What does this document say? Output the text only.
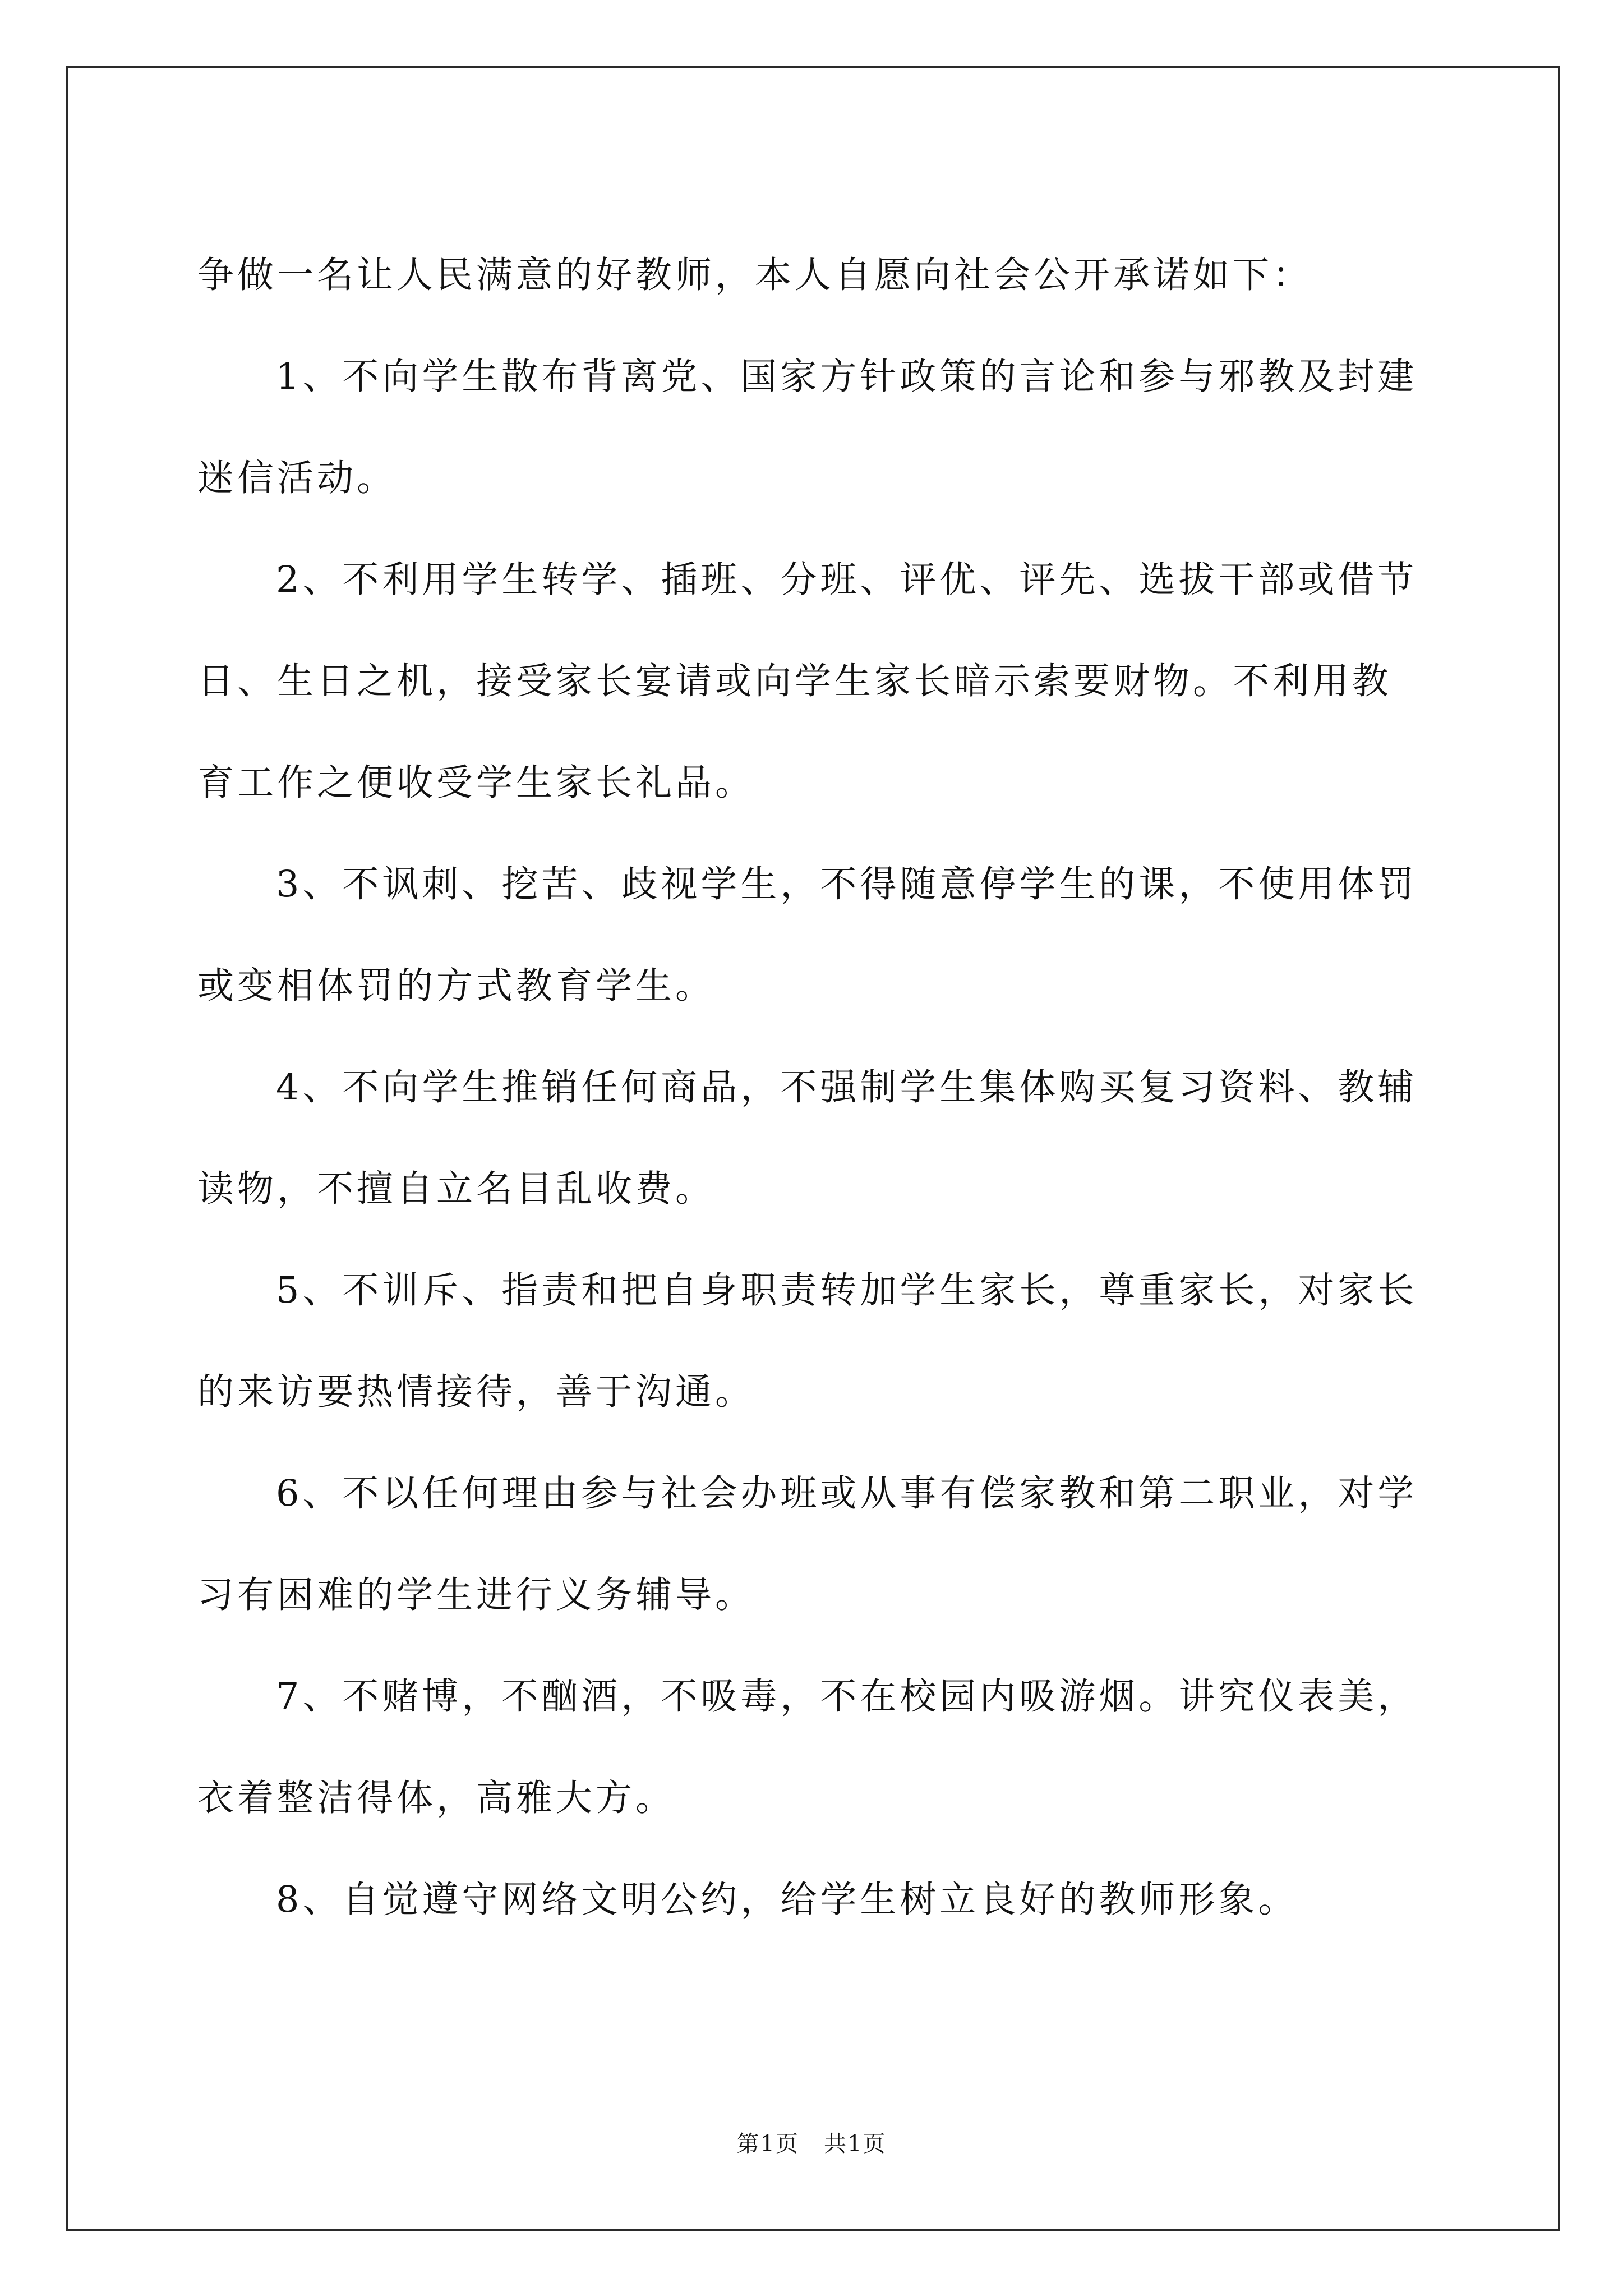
争做一名让人民满意的好教师，本人自愿向社会公开承诺如下：

1、不向学生散布背离党、国家方针政策的言论和参与邪教及封建

迷信活动。

2、不利用学生转学、插班、分班、评优、评先、选拔干部或借节

日、生日之机，接受家长宴请或向学生家长暗示索要财物。不利用教

育工作之便收受学生家长礼品。

3、不讽刺、挖苦、歧视学生，不得随意停学生的课，不使用体罚

或变相体罚的方式教育学生。

4、不向学生推销任何商品，不强制学生集体购买复习资料、教辅

读物，不擅自立名目乱收费。

5、不训斥、指责和把自身职责转加学生家长，尊重家长，对家长

的来访要热情接待，善于沟通。

6、不以任何理由参与社会办班或从事有偿家教和第二职业，对学

习有困难的学生进行义务辅导。

7、不赌博，不酗酒，不吸毒，不在校园内吸游烟。讲究仪表美，

衣着整洁得体，高雅大方。

8、自觉遵守网络文明公约，给学生树立良好的教师形象。

第1页 共1页
